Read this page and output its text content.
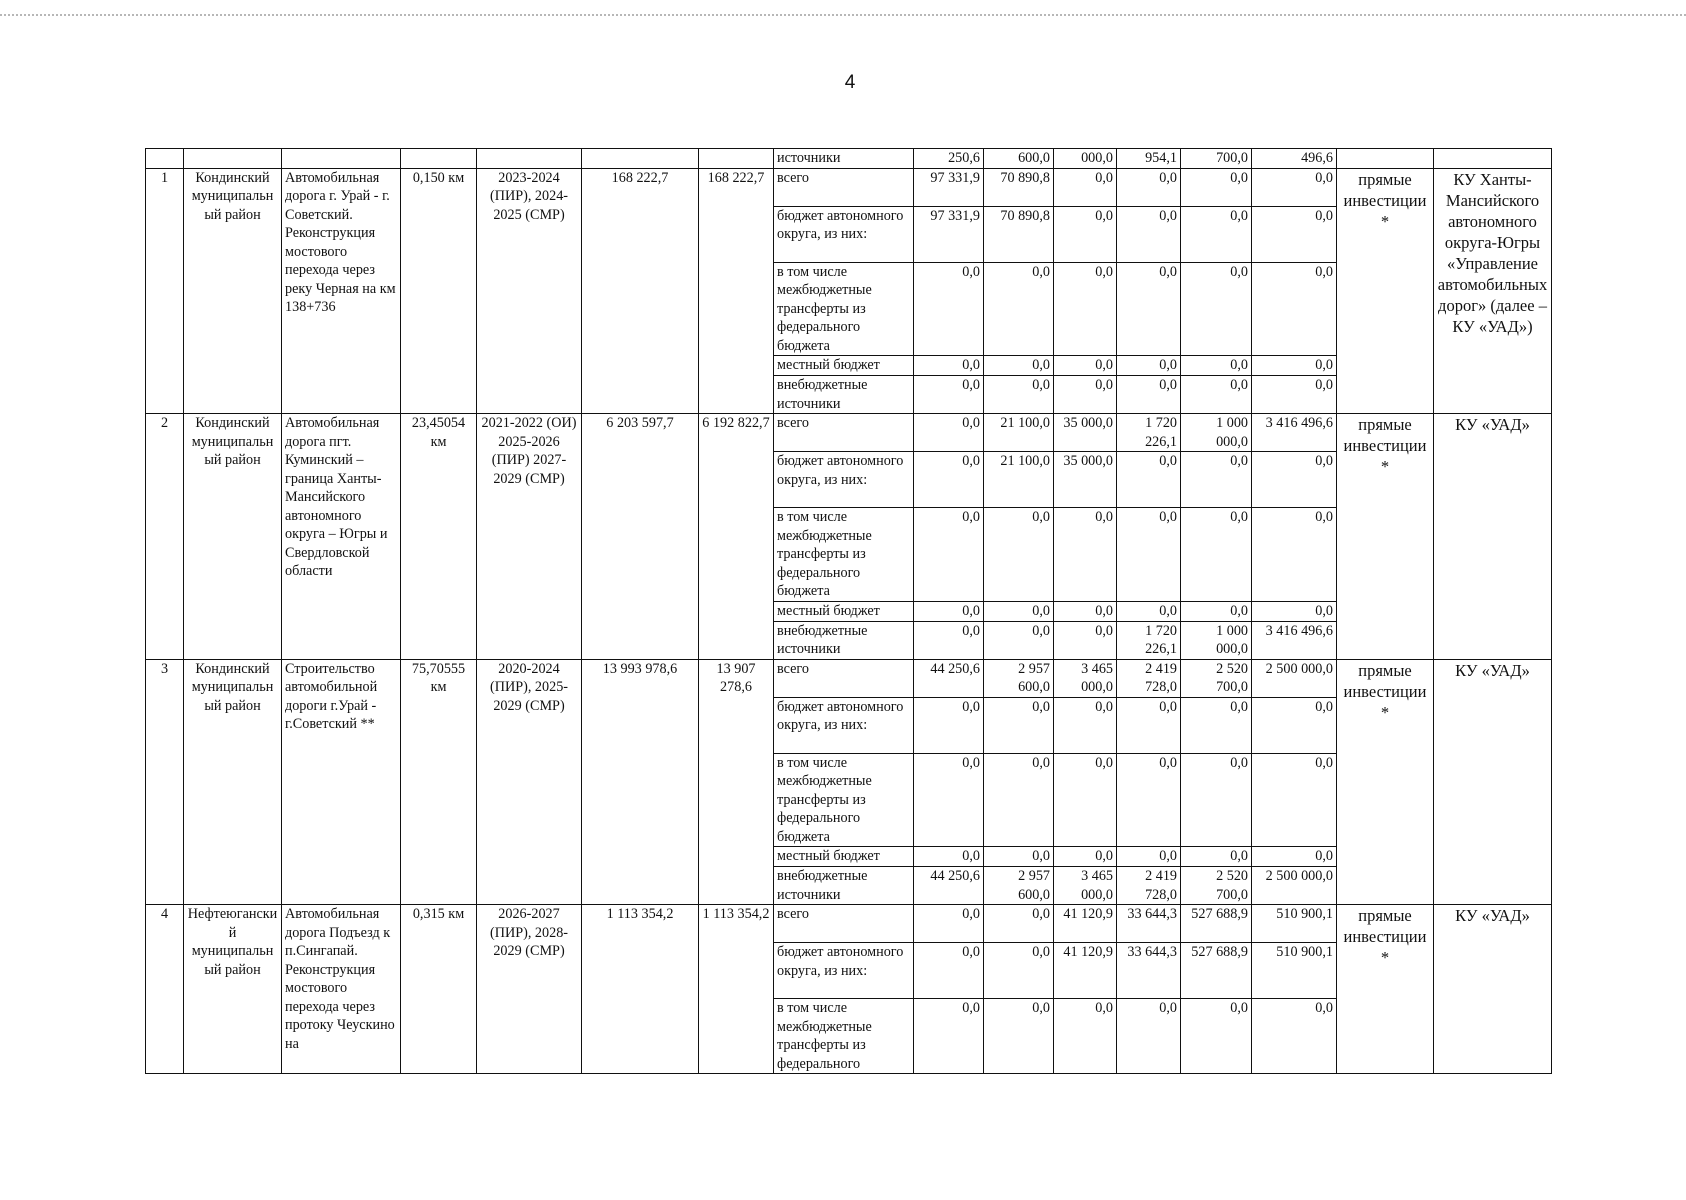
4
							источники	250,6	600,0	000,0	954,1	700,0	496,6		
1	Кондинский муниципальный район	Автомобильная дорога г. Урай - г. Советский. Реконструкция мостового перехода через реку Черная на км 138+736	0,150 км	2023-2024 (ПИР), 2024-2025 (СМР)	168 222,7	168 222,7	всего	97 331,9	70 890,8	0,0	0,0	0,0	0,0	прямые инвестиции *	КУ Ханты-Мансийского автономного округа-Югры «Управление автомобильных дорог» (далее – КУ «УАД»)
							бюджет автономного округа, из них:	97 331,9	70 890,8	0,0	0,0	0,0	0,0		
							в том числе межбюджетные трансферты из федерального бюджета	0,0	0,0	0,0	0,0	0,0	0,0		
							местный бюджет	0,0	0,0	0,0	0,0	0,0	0,0		
							внебюджетные источники	0,0	0,0	0,0	0,0	0,0	0,0		
2	Кондинский муниципальный район	Автомобильная дорога пгт. Куминский – граница Ханты-Мансийского автономного округа – Югры и Свердловской области	23,45054 км	2021-2022 (ОИ) 2025-2026 (ПИР) 2027-2029 (СМР)	6 203 597,7	6 192 822,7	всего	0,0	21 100,0	35 000,0	1 720 226,1	1 000 000,0	3 416 496,6	прямые инвестиции *	КУ «УАД»
							бюджет автономного округа, из них:	0,0	21 100,0	35 000,0	0,0	0,0	0,0		
							в том числе межбюджетные трансферты из федерального бюджета	0,0	0,0	0,0	0,0	0,0	0,0		
							местный бюджет	0,0	0,0	0,0	0,0	0,0	0,0		
							внебюджетные источники	0,0	0,0	0,0	1 720 226,1	1 000 000,0	3 416 496,6		
3	Кондинский муниципальный район	Строительство автомобильной дороги г.Урай - г.Советский **	75,70555 км	2020-2024 (ПИР), 2025-2029 (СМР)	13 993 978,6	13 907 278,6	всего	44 250,6	2 957 600,0	3 465 000,0	2 419 728,0	2 520 700,0	2 500 000,0	прямые инвестиции *	КУ «УАД»
							бюджет автономного округа, из них:	0,0	0,0	0,0	0,0	0,0	0,0		
							в том числе межбюджетные трансферты из федерального бюджета	0,0	0,0	0,0	0,0	0,0	0,0		
							местный бюджет	0,0	0,0	0,0	0,0	0,0	0,0		
							внебюджетные источники	44 250,6	2 957 600,0	3 465 000,0	2 419 728,0	2 520 700,0	2 500 000,0		
4	Нефтеюганский муниципальный район	Автомобильная дорога Подъезд к п.Сингапай. Реконструкция мостового перехода через протоку Чеускино на	0,315 км	2026-2027 (ПИР), 2028-2029 (СМР)	1 113 354,2	1 113 354,2	всего	0,0	0,0	41 120,9	33 644,3	527 688,9	510 900,1	прямые инвестиции *	КУ «УАД»
							бюджет автономного округа, из них:	0,0	0,0	41 120,9	33 644,3	527 688,9	510 900,1		
							в том числе межбюджетные трансферты из федерального	0,0	0,0	0,0	0,0	0,0	0,0		
